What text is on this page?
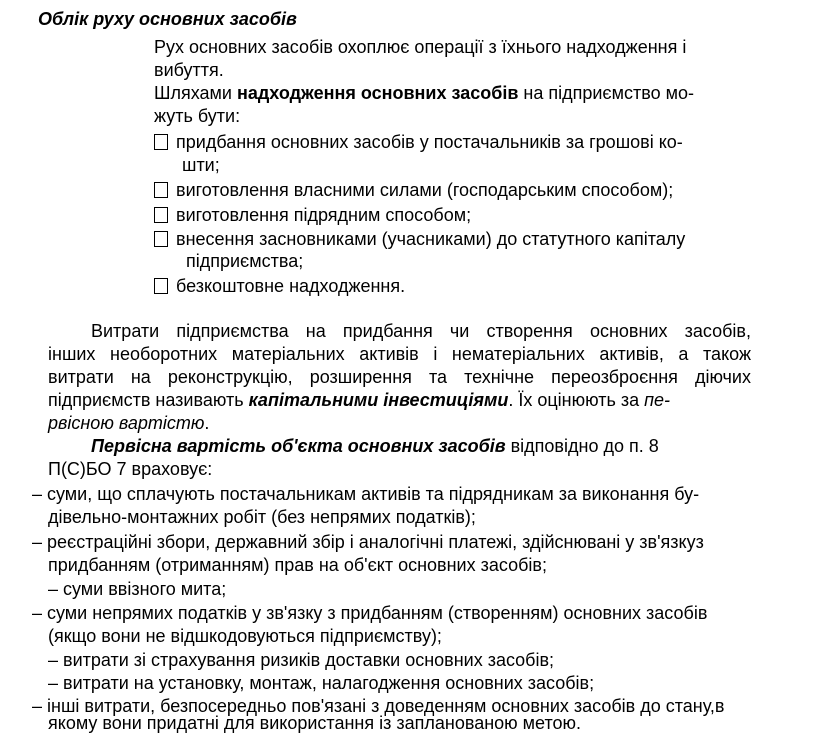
Облік руху основних засобів
Рух основних засобів охоплює операції з їхнього надходження і
вибуття.
Шляхами надходження основних засобів на підприємство мо-
жуть бути:
придбання основних засобів у постачальників за грошові ко-
шти;
виготовлення власними силами (господарським способом);
виготовлення підрядним способом;
внесення засновниками (учасниками) до статутного капіталу
підприємства;
безкоштовне надходження.
Витрати підприємства на придбання чи створення основних засобів,
інших необоротних матеріальних активів і нематеріальних активів, а також
витрати на реконструкцію, розширення та технічне переозброєння діючих
підприємств називають капітальними інвестиціями. Їх оцінюють за пе-
рвісною вартістю.
Первісна вартість об'єкта основних засобів відповідно до п. 8
П(С)БО 7 враховує:
– суми, що сплачують постачальникам активів та підрядникам за виконання бу-
дівельно-монтажних робіт (без непрямих податків);
– реєстраційні збори, державний збір і аналогічні платежі, здійснювані у зв'язкуз
придбанням (отриманням) прав на об'єкт основних засобів;
– суми ввізного мита;
– суми непрямих податків у зв'язку з придбанням (створенням) основних засобів
(якщо вони не відшкодовуються підприємству);
– витрати зі страхування ризиків доставки основних засобів;
– витрати на установку, монтаж, налагодження основних засобів;
– інші витрати, безпосередньо пов'язані з доведенням основних засобів до стану,в
якому вони придатні для використання із запланованою метою.
